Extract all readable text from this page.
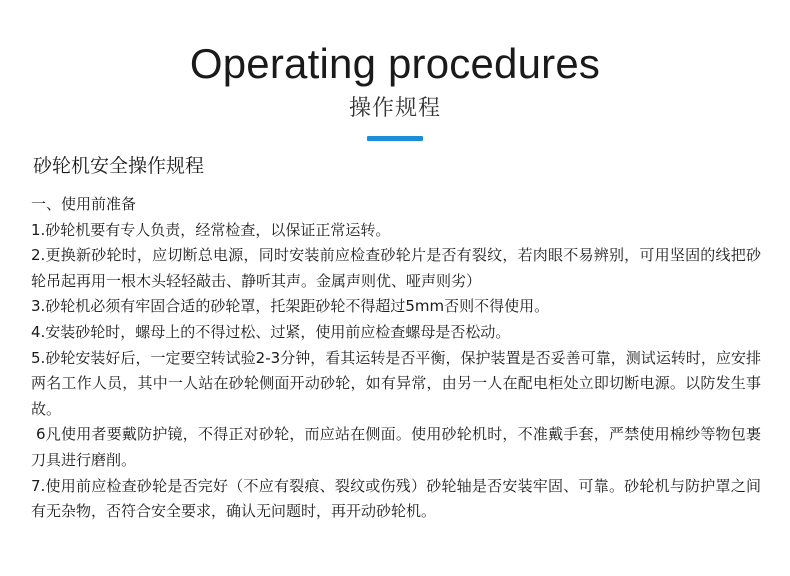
Operating procedures
操作规程
砂轮机安全操作规程

一、使用前准备

1.砂轮机要有专人负责，经常检查，以保证正常运转。

2.更换新砂轮时，应切断总电源，同时安装前应检查砂轮片是否有裂纹，若肉眼不易辨别，可用坚固的线把砂轮吊起再用一根木头轻轻敲击、静听其声。金属声则优、哑声则劣）

3.砂轮机必须有牢固合适的砂轮罩，托架距砂轮不得超过5mm否则不得使用。

4.安装砂轮时，螺母上的不得过松、过紧，使用前应检查螺母是否松动。

5.砂轮安装好后，一定要空转试验2-3分钟，看其运转是否平衡，保护装置是否妥善可靠，测试运转时，应安排两名工作人员，其中一人站在砂轮侧面开动砂轮，如有异常，由另一人在配电柜处立即切断电源。以防发生事故。

6凡使用者要戴防护镜，不得正对砂轮，而应站在侧面。使用砂轮机时，不准戴手套，严禁使用棉纱等物包裹刀具进行磨削。

7.使用前应检查砂轮是否完好（不应有裂痕、裂纹或伤残）砂轮轴是否安装牢固、可靠。砂轮机与防护罩之间有无杂物，否符合安全要求，确认无问题时，再开动砂轮机。
